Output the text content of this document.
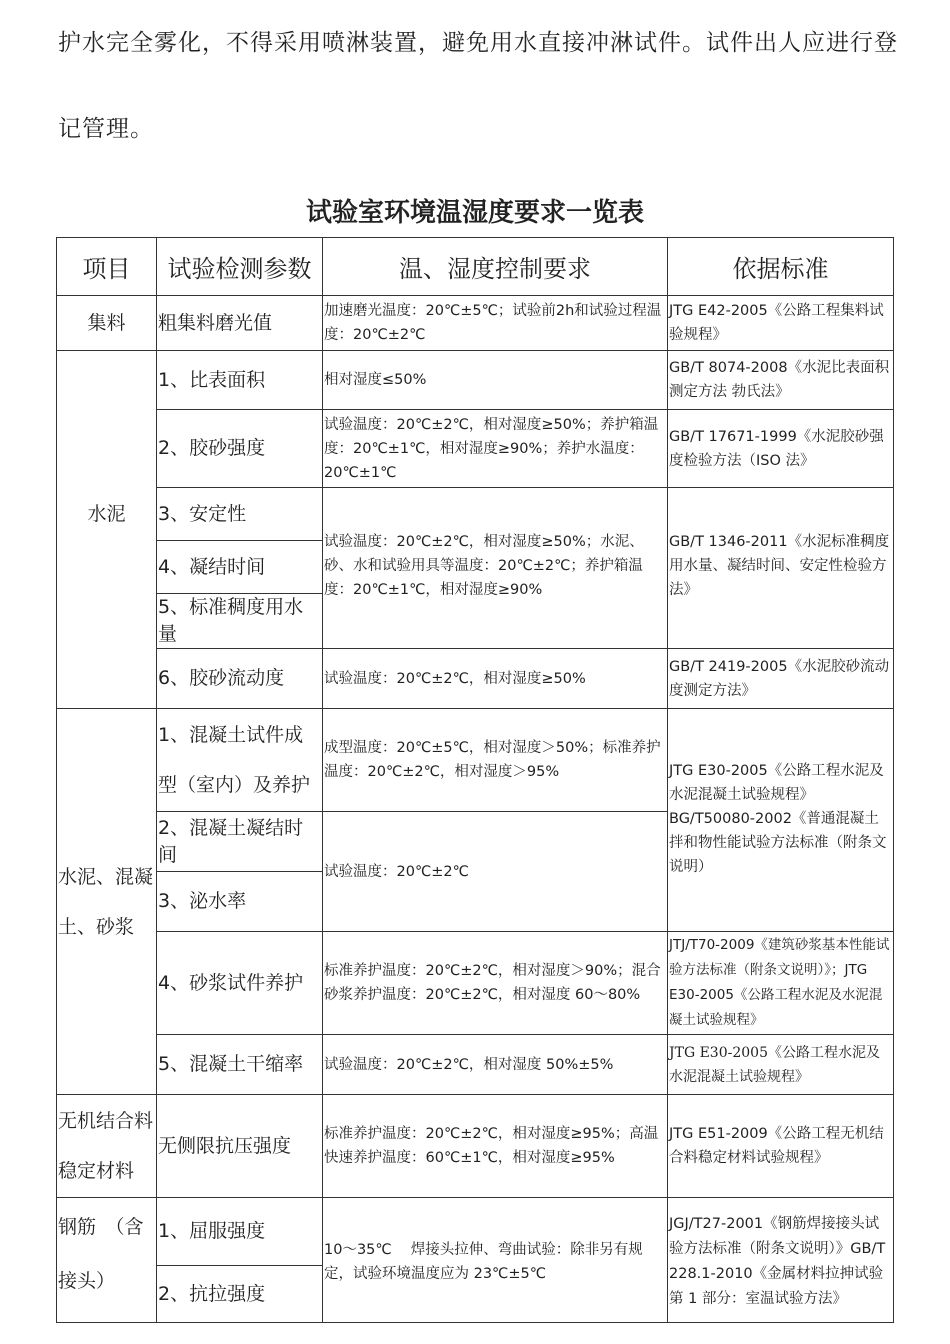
护水完全雾化，不得采用喷淋装置，避免用水直接冲淋试件。试件出人应进行登记管理。

试验室环境温湿度要求一览表
项目	试验检测参数	温、湿度控制要求	依据标准
集料	粗集料磨光值	加速磨光温度：20℃±5℃；试验前2h和试验过程温度：20℃±2℃	JTG E42-2005《公路工程集料试验规程》
水泥	1、比表面积	相对湿度≤50%	GB/T 8074-2008《水泥比表面积测定方法 勃氏法》
	2、胶砂强度	试验温度：20℃±2℃，相对湿度≥50%；养护箱温度：20℃±1℃，相对湿度≥90%；养护水温度：20℃±1℃	GB/T 17671-1999《水泥胶砂强度检验方法（ISO 法》
	3、安定性	试验温度：20℃±2℃，相对湿度≥50%；水泥、砂、水和试验用具等温度：20℃±2℃；养护箱温度：20℃±1℃，相对湿度≥90%	GB/T 1346-2011《水泥标准稠度用水量、凝结时间、安定性检验方法》
	4、凝结时间		
	5、标准稠度用水量		
	6、胶砂流动度	试验温度：20℃±2℃，相对湿度≥50%	GB/T 2419-2005《水泥胶砂流动度测定方法》
水泥、混凝土、砂浆	1、混凝土试件成型（室内）及养护	成型温度：20℃±5℃，相对湿度＞50%；标准养护温度：20℃±2℃，相对湿度＞95%	JTG E30-2005《公路工程水泥及水泥混凝土试验规程》BG/T50080-2002《普通混凝土拌和物性能试验方法标准（附条文说明）
	2、混凝土凝结时间	试验温度：20℃±2℃	
	3、泌水率		
	4、砂浆试件养护	标准养护温度：20℃±2℃，相对湿度＞90%；混合砂浆养护温度：20℃±2℃，相对湿度 60～80%	JTJ/T70-2009《建筑砂浆基本性能试验方法标准（附条文说明）》；JTG E30-2005《公路工程水泥及水泥混凝土试验规程》
	5、混凝土干缩率	试验温度：20℃±2℃，相对湿度 50%±5%	JTG E30-2005《公路工程水泥及水泥混凝土试验规程》
无机结合料稳定材料	无侧限抗压强度	标准养护温度：20℃±2℃，相对湿度≥95%；高温快速养护温度：60℃±1℃，相对湿度≥95%	JTG E51-2009《公路工程无机结合料稳定材料试验规程》
钢筋　（含接头）	1、屈服强度	10～35℃　 焊接头拉伸、弯曲试验：除非另有规定，试验环境温度应为 23℃±5℃	JGJ/T27-2001《钢筋焊接接头试验方法标准（附条文说明）》GB/T 228.1-2010《金属材料拉抻试验第 1 部分：室温试验方法》
	2、抗拉强度		
